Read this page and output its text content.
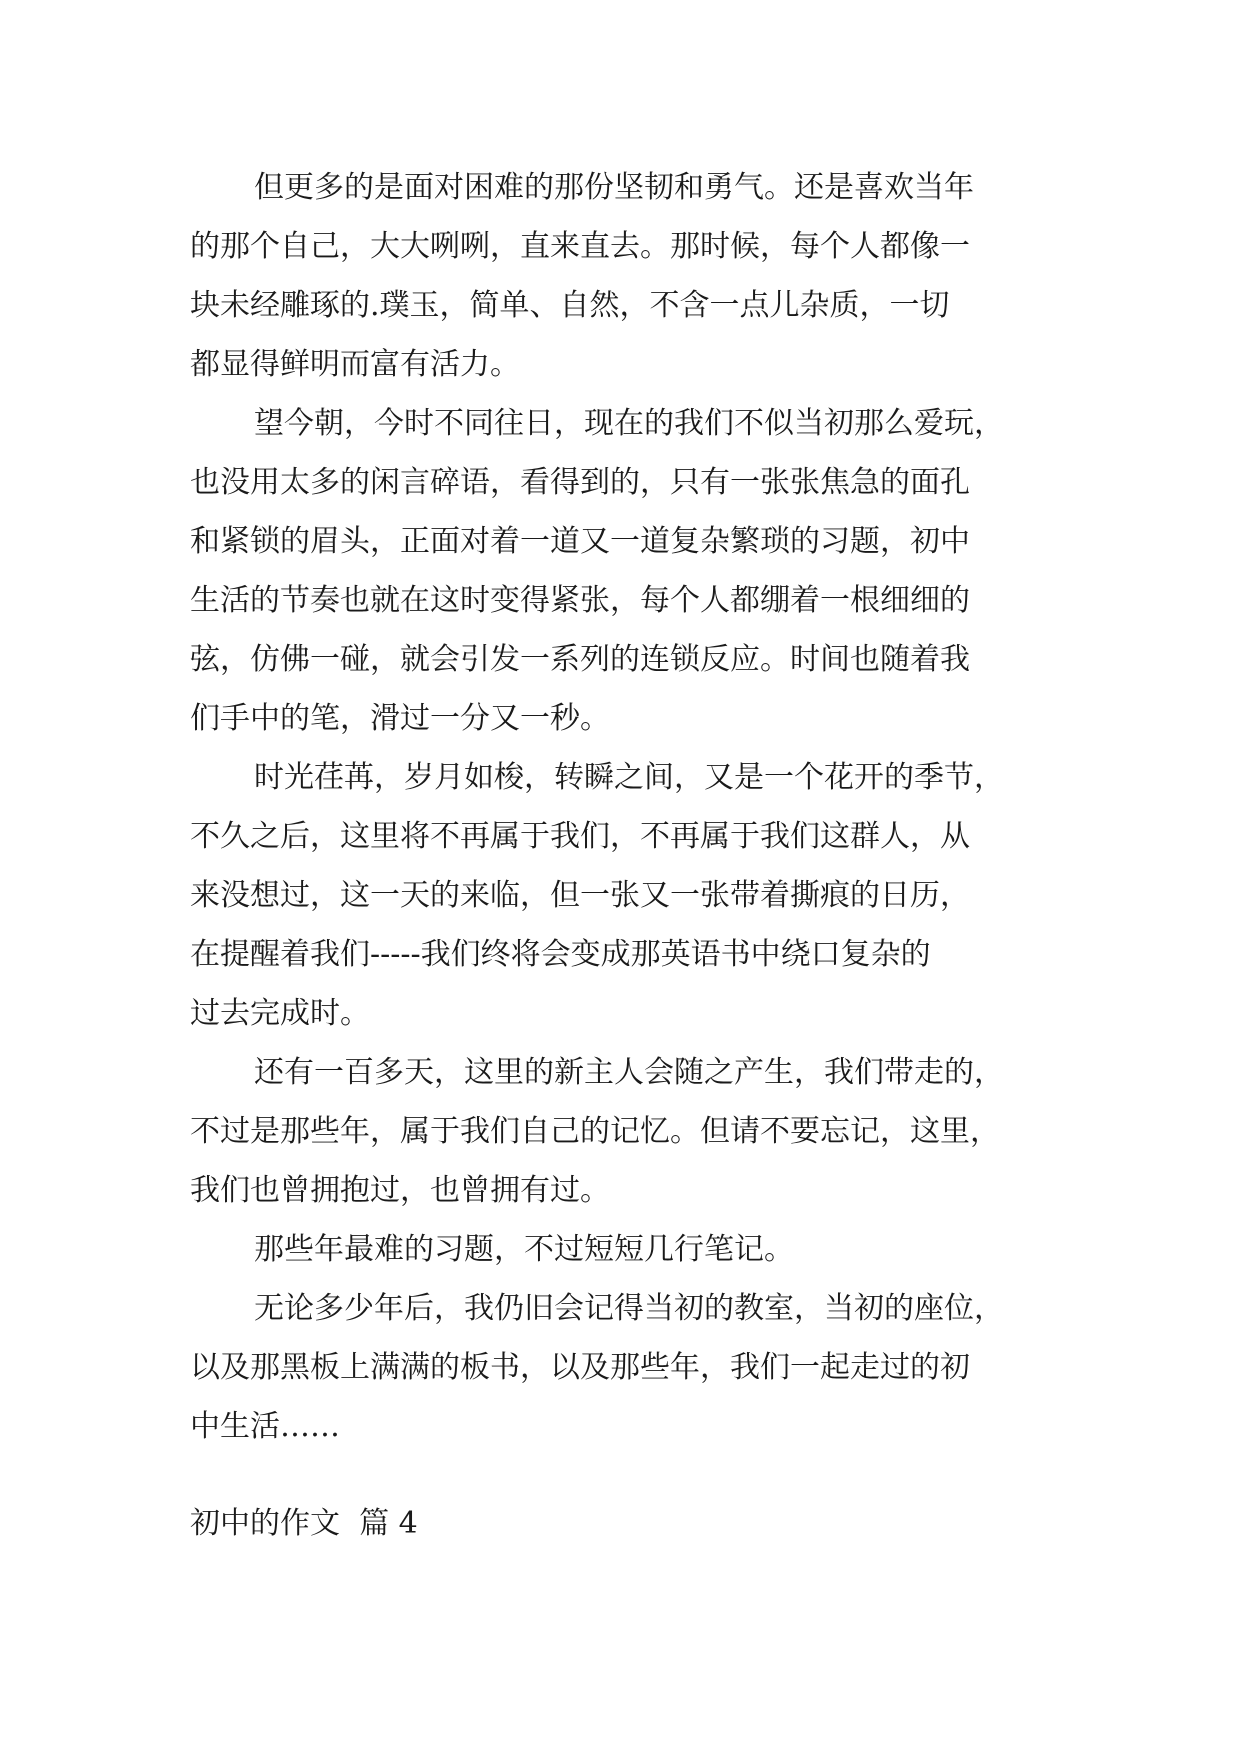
但更多的是面对困难的那份坚韧和勇气。还是喜欢当年
的那个自己，大大咧咧，直来直去。那时候，每个人都像一
块未经雕琢的.璞玉，简单、自然，不含一点儿杂质，一切
都显得鲜明而富有活力。
望今朝，今时不同往日，现在的我们不似当初那么爱玩，
也没用太多的闲言碎语，看得到的，只有一张张焦急的面孔
和紧锁的眉头，正面对着一道又一道复杂繁琐的习题，初中
生活的节奏也就在这时变得紧张，每个人都绷着一根细细的
弦，仿佛一碰，就会引发一系列的连锁反应。时间也随着我
们手中的笔，滑过一分又一秒。
时光荏苒，岁月如梭，转瞬之间，又是一个花开的季节，
不久之后，这里将不再属于我们，不再属于我们这群人，从
来没想过，这一天的来临，但一张又一张带着撕痕的日历，
在提醒着我们-----我们终将会变成那英语书中绕口复杂的
过去完成时。
还有一百多天，这里的新主人会随之产生，我们带走的，
不过是那些年，属于我们自己的记忆。但请不要忘记，这里，
我们也曾拥抱过，也曾拥有过。
那些年最难的习题，不过短短几行笔记。
无论多少年后，我仍旧会记得当初的教室，当初的座位，
以及那黑板上满满的板书，以及那些年，我们一起走过的初
中生活……
初中的作文  篇 4
